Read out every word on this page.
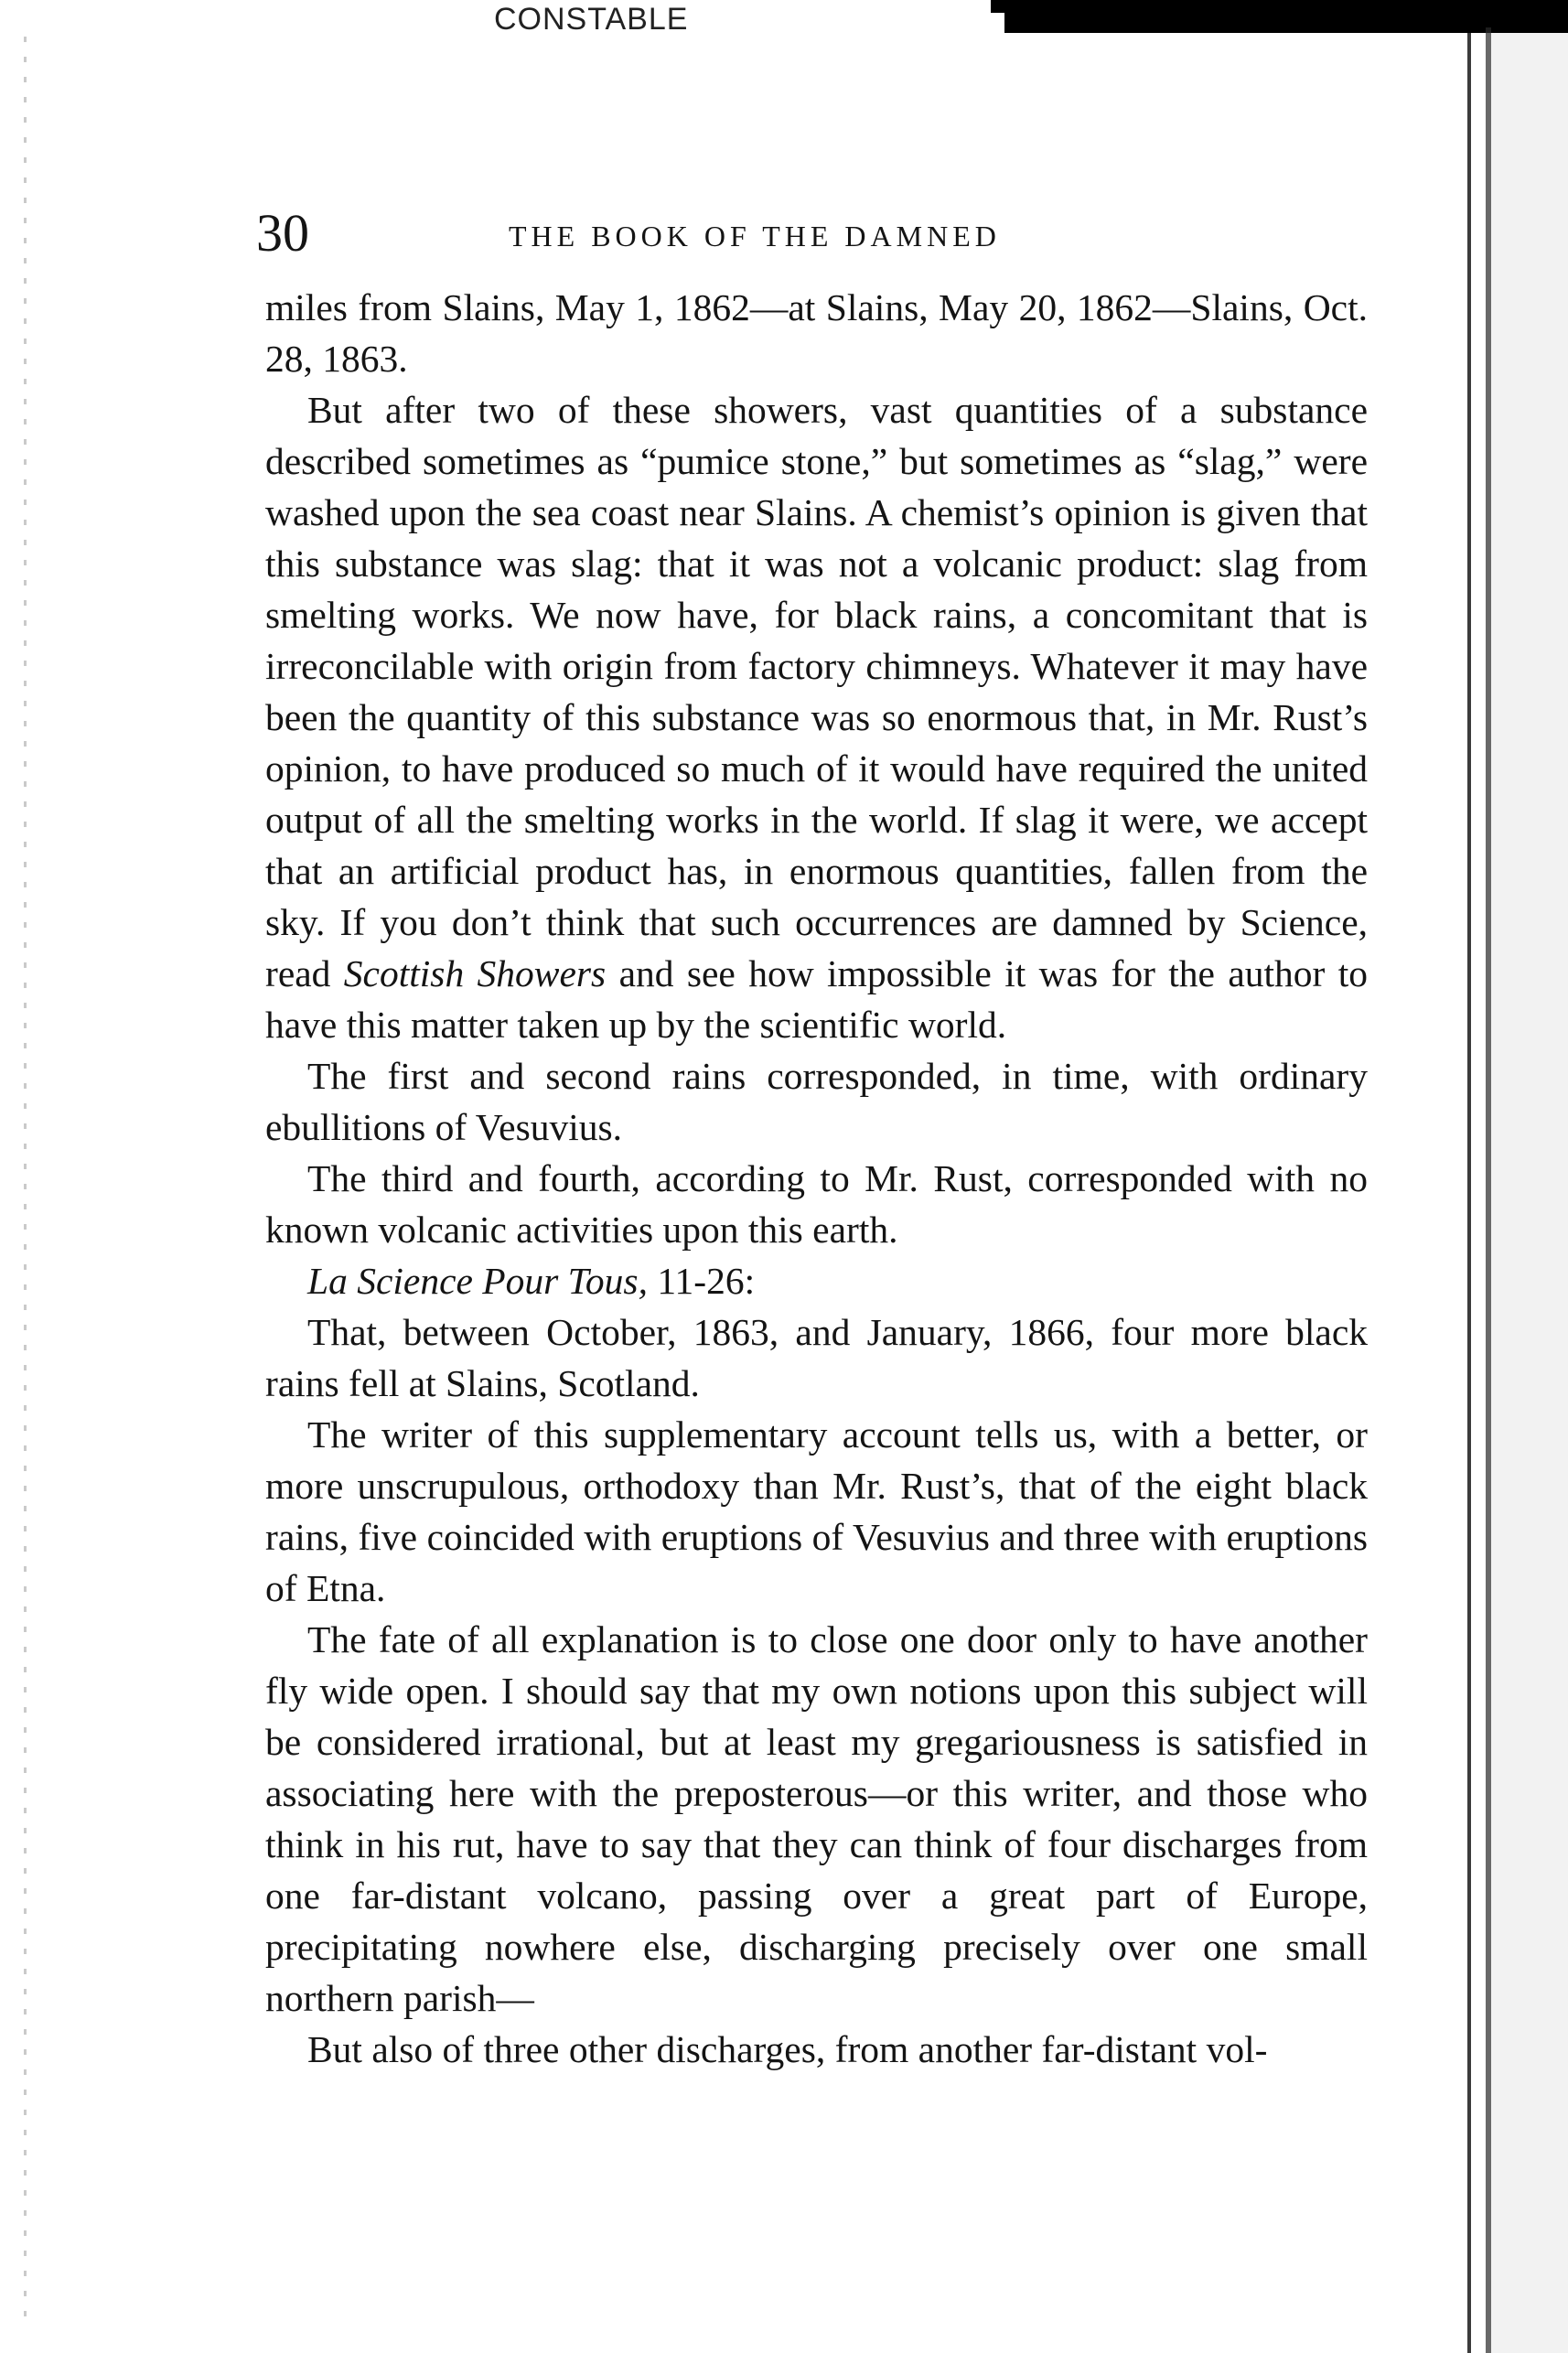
CONSTABLE
30	THE BOOK OF THE DAMNED

miles from Slains, May 1, 1862—at Slains, May 20, 1862—Slains, Oct. 28, 1863.

But after two of these showers, vast quantities of a substance described sometimes as “pumice stone,” but sometimes as “slag,” were washed upon the sea coast near Slains. A chemist’s opinion is given that this substance was slag: that it was not a volcanic product: slag from smelting works. We now have, for black rains, a concomitant that is irreconcilable with origin from factory chimneys. Whatever it may have been the quantity of this substance was so enormous that, in Mr. Rust’s opinion, to have produced so much of it would have required the united output of all the smelting works in the world. If slag it were, we accept that an artificial product has, in enormous quantities, fallen from the sky. If you don’t think that such occurrences are damned by Science, read Scottish Showers and see how impossible it was for the author to have this matter taken up by the scientific world.

The first and second rains corresponded, in time, with ordinary ebullitions of Vesuvius.

The third and fourth, according to Mr. Rust, corresponded with no known volcanic activities upon this earth.

La Science Pour Tous, 11-26:

That, between October, 1863, and January, 1866, four more black rains fell at Slains, Scotland.

The writer of this supplementary account tells us, with a better, or more unscrupulous, orthodoxy than Mr. Rust’s, that of the eight black rains, five coincided with eruptions of Vesuvius and three with eruptions of Etna.

The fate of all explanation is to close one door only to have another fly wide open. I should say that my own notions upon this subject will be considered irrational, but at least my gregariousness is satisfied in associating here with the preposterous—or this writer, and those who think in his rut, have to say that they can think of four discharges from one far-distant volcano, passing over a great part of Europe, precipitating nowhere else, discharging precisely over one small northern parish—

But also of three other discharges, from another far-distant vol-
